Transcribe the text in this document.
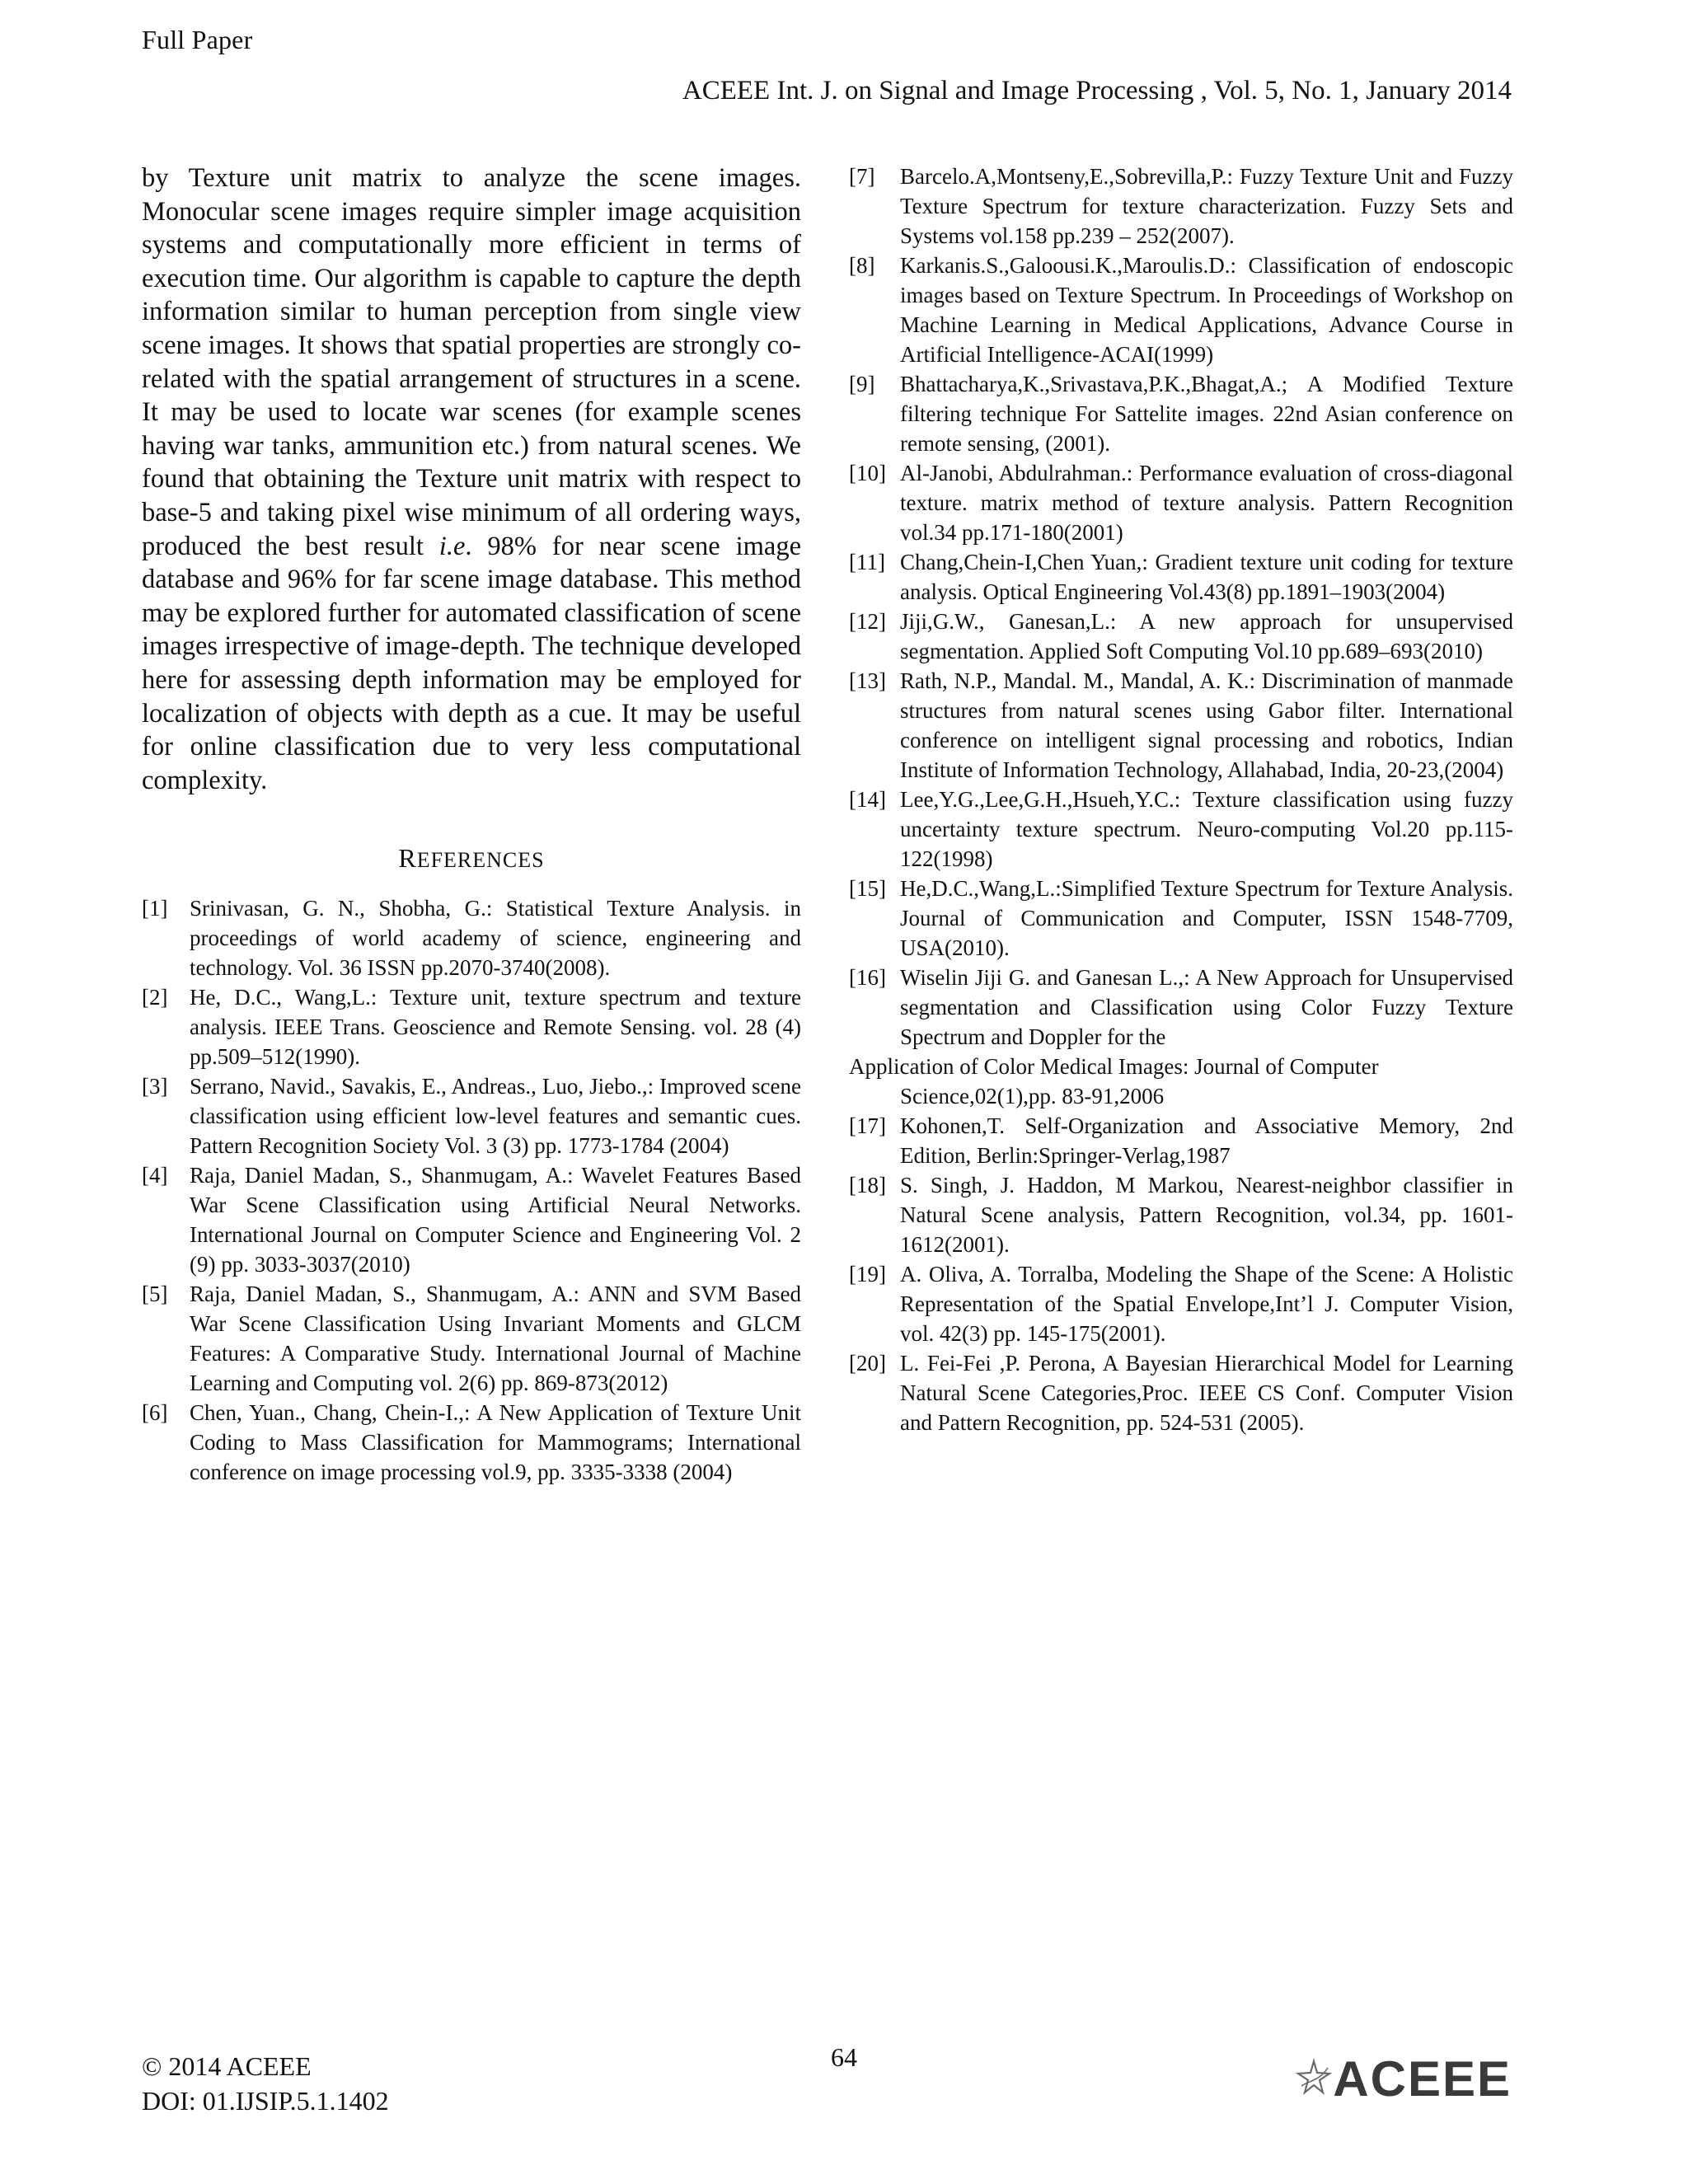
Full Paper
ACEEE Int. J. on Signal and Image Processing , Vol. 5, No. 1, January 2014

by Texture unit matrix to analyze the scene images. Monocular scene images require simpler image acquisition systems and computationally more efficient in terms of execution time. Our algorithm is capable to capture the depth information similar to human perception from single view scene images. It shows that spatial properties are strongly co-related with the spatial arrangement of structures in a scene. It may be used to locate war scenes (for example scenes having war tanks, ammunition etc.) from natural scenes. We found that obtaining the Texture unit matrix with respect to base-5 and taking pixel wise minimum of all ordering ways, produced the best result i.e. 98% for near scene image database and 96% for far scene image database. This method may be explored further for automated classification of scene images irrespective of image-depth. The technique developed here for assessing depth information may be employed for localization of objects with depth as a cue. It may be useful for online classification due to very less computational complexity.

REFERENCES
[1] Srinivasan, G. N., Shobha, G.: Statistical Texture Analysis. in proceedings of world academy of science, engineering and technology. Vol. 36 ISSN pp.2070-3740(2008).
[2] He, D.C., Wang,L.: Texture unit, texture spectrum and texture analysis. IEEE Trans. Geoscience and Remote Sensing. vol. 28 (4) pp.509–512(1990).
[3] Serrano, Navid., Savakis, E., Andreas., Luo, Jiebo.,: Improved scene classification using efficient low-level features and semantic cues. Pattern Recognition Society Vol. 3 (3) pp. 1773-1784 (2004)
[4] Raja, Daniel Madan, S., Shanmugam, A.: Wavelet Features Based War Scene Classification using Artificial Neural Networks. International Journal on Computer Science and Engineering Vol. 2 (9) pp. 3033-3037(2010)
[5] Raja, Daniel Madan, S., Shanmugam, A.: ANN and SVM Based War Scene Classification Using Invariant Moments and GLCM Features: A Comparative Study. International Journal of Machine Learning and Computing vol. 2(6) pp. 869-873(2012)
[6] Chen, Yuan., Chang, Chein-I.,: A New Application of Texture Unit Coding to Mass Classification for Mammograms; International conference on image processing vol.9, pp. 3335-3338 (2004)
[7]	Barcelo.A,Montseny,E.,Sobrevilla,P.: Fuzzy Texture Unit and Fuzzy Texture Spectrum for texture characterization. Fuzzy Sets and Systems vol.158 pp.239 – 252(2007).
[8]	Karkanis.S.,Galoousi.K.,Maroulis.D.: Classification of endoscopic images based on Texture Spectrum. In Proceedings of Workshop on Machine Learning in Medical Applications, Advance Course in Artificial Intelligence-ACAI(1999)
[9]	Bhattacharya,K.,Srivastava,P.K.,Bhagat,A.; A Modified Texture filtering technique For Sattelite images. 22nd Asian conference on remote sensing, (2001).
[10] Al-Janobi, Abdulrahman.: Performance evaluation of cross-diagonal texture. matrix method of texture analysis. Pattern Recognition vol.34 pp.171-180(2001)
[11] Chang,Chein-I,Chen Yuan,: Gradient texture unit coding for texture analysis. Optical Engineering Vol.43(8) pp.1891–1903(2004)
[12] Jiji,G.W., Ganesan,L.: A new approach for unsupervised segmentation. Applied Soft Computing Vol.10 pp.689–693(2010)
[13] Rath, N.P., Mandal. M., Mandal, A. K.: Discrimination of manmade structures from natural scenes using Gabor filter. International conference on intelligent signal processing and robotics, Indian Institute of Information Technology, Allahabad, India, 20-23,(2004)
[14] Lee,Y.G.,Lee,G.H.,Hsueh,Y.C.: Texture classification using fuzzy uncertainty texture spectrum. Neuro-computing Vol.20 pp.115-122(1998)
[15] He,D.C.,Wang,L.:Simplified Texture Spectrum for Texture Analysis. Journal of Communication and Computer, ISSN 1548-7709, USA(2010).
[16] Wiselin Jiji G. and Ganesan L.,: A New Approach for Unsupervised segmentation and Classification using Color Fuzzy Texture Spectrum and Doppler for the
Application of Color Medical Images: Journal of Computer
Science,02(1),pp. 83-91,2006
[17] Kohonen,T. Self-Organization and Associative Memory, 2nd Edition, Berlin:Springer-Verlag,1987
[18] S. Singh, J. Haddon, M Markou, Nearest-neighbor classifier in Natural Scene analysis, Pattern Recognition, vol.34, pp. 1601-1612(2001).
[19] A. Oliva, A. Torralba, Modeling the Shape of the Scene: A Holistic Representation of the Spatial Envelope,Int’l J. Computer Vision, vol. 42(3) pp. 145-175(2001).
[20] L. Fei-Fei ,P. Perona, A Bayesian Hierarchical Model for Learning Natural Scene Categories,Proc. IEEE CS Conf. Computer Vision and Pattern Recognition, pp. 524-531 (2005).
© 2014 ACEEE
DOI: 01.IJSIP.5.1.1402
64	ACEEE
